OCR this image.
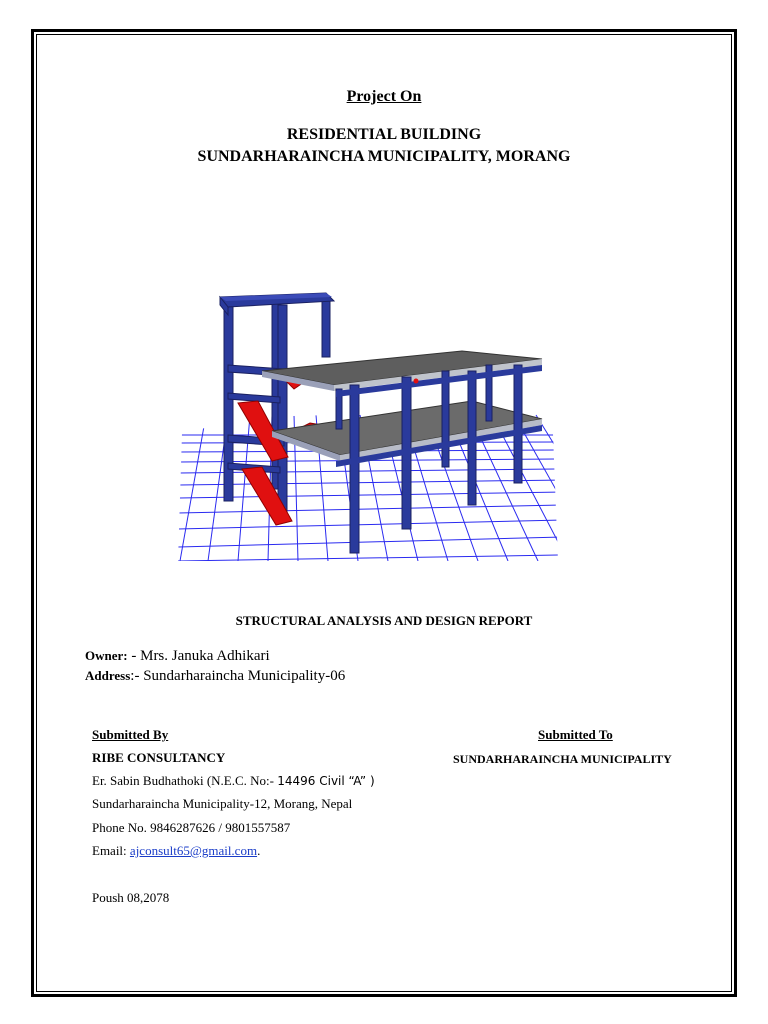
Project On
RESIDENTIAL BUILDING
SUNDARHARAINCHA MUNICIPALITY, MORANG
STRUCTURAL ANALYSIS AND DESIGN REPORT
Owner: - Mrs. Januka Adhikari
Address:- Sundarharaincha Municipality-06
Submitted By
RIBE CONSULTANCY
Er. Sabin Budhathoki (N.E.C. No:- 14496 Civil “A” )
Sundarharaincha Municipality-12, Morang, Nepal
Phone No. 9846287626 / 9801557587
Email: ajconsult65@gmail.com.
Poush 08,2078
Submitted To
SUNDARHARAINCHA MUNICIPALITY
